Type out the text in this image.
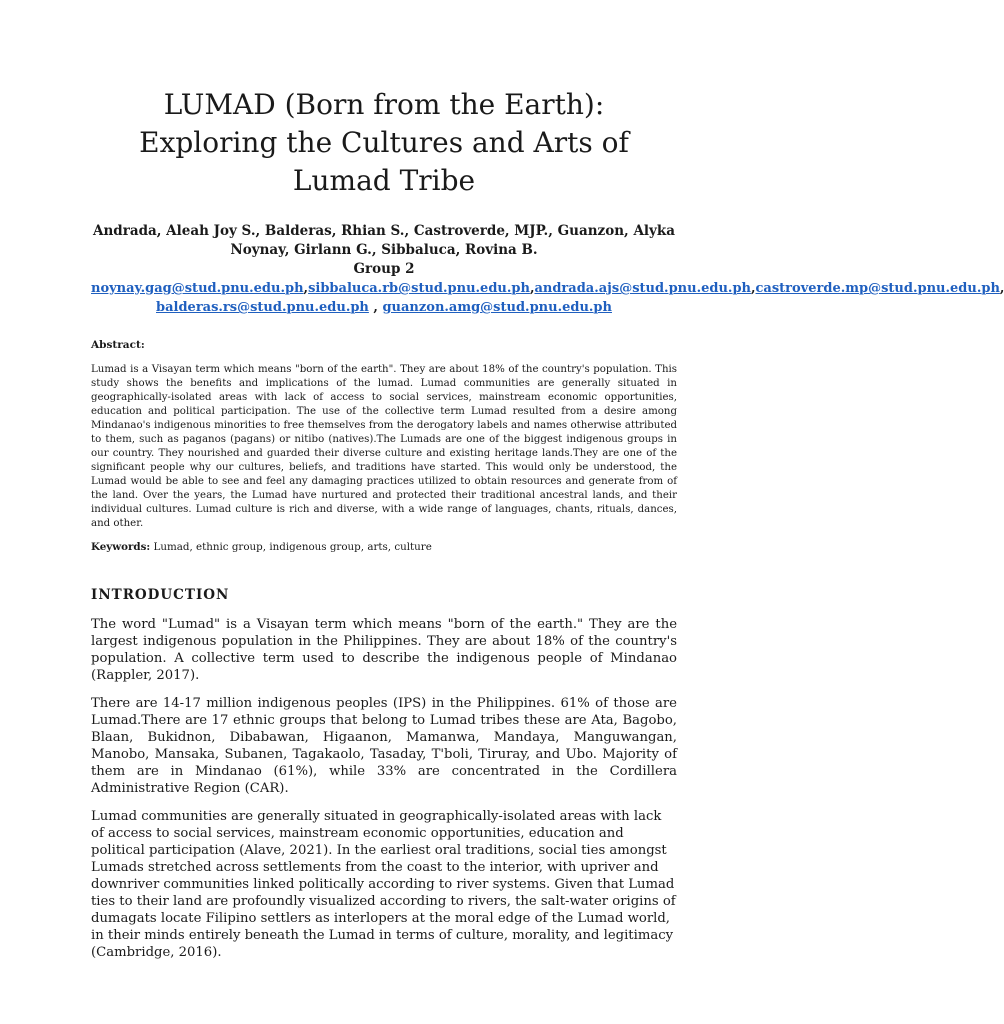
LUMAD (Born from the Earth): Exploring the Cultures and Arts of Lumad Tribe

Andrada, Aleah Joy S., Balderas, Rhian S., Castroverde, MJP., Guanzon, Alyka Noynay, Girlann G., Sibbaluca, Rovina B.

Group 2

noynay.gag@stud.pnu.edu.ph,sibbaluca.rb@stud.pnu.edu.ph,andrada.ajs@stud.pnu.edu.ph,castroverde.mp@stud.pnu.edu.ph, balderas.rs@stud.pnu.edu.ph , guanzon.amg@stud.pnu.edu.ph

Abstract:

Lumad is a Visayan term which means "born of the earth". They are about 18% of the country's population. This study shows the benefits and implications of the lumad. Lumad communities are generally situated in geographically-isolated areas with lack of access to social services, mainstream economic opportunities, education and political participation. The use of the collective term Lumad resulted from a desire among Mindanao's indigenous minorities to free themselves from the derogatory labels and names otherwise attributed to them, such as paganos (pagans) or nitibo (natives).The Lumads are one of the biggest indigenous groups in our country. They nourished and guarded their diverse culture and existing heritage lands.They are one of the significant people why our cultures, beliefs, and traditions have started. This would only be understood, the Lumad would be able to see and feel any damaging practices utilized to obtain resources and generate from of the land. Over the years, the Lumad have nurtured and protected their traditional ancestral lands, and their individual cultures. Lumad culture is rich and diverse, with a wide range of languages, chants, rituals, dances, and other.

Keywords: Lumad, ethnic group, indigenous group, arts, culture

INTRODUCTION

The word "Lumad" is a Visayan term which means "born of the earth." They are the largest indigenous population in the Philippines. They are about 18% of the country's population. A collective term used to describe the indigenous people of Mindanao (Rappler, 2017).

There are 14-17 million indigenous peoples (IPS) in the Philippines. 61% of those are Lumad.There are 17 ethnic groups that belong to Lumad tribes these are Ata, Bagobo, Blaan, Bukidnon, Dibabawan, Higaanon, Mamanwa, Mandaya, Manguwangan, Manobo, Mansaka, Subanen, Tagakaolo, Tasaday, T'boli, Tiruray, and Ubo. Majority of them are in Mindanao (61%), while 33% are concentrated in the Cordillera Administrative Region (CAR).

Lumad communities are generally situated in geographically-isolated areas with lack of access to social services, mainstream economic opportunities, education and political participation (Alave, 2021). In the earliest oral traditions, social ties amongst Lumads stretched across settlements from the coast to the interior, with upriver and downriver communities linked politically according to river systems. Given that Lumad ties to their land are profoundly visualized according to rivers, the salt-water origins of dumagats locate Filipino settlers as interlopers at the moral edge of the Lumad world, in their minds entirely beneath the Lumad in terms of culture, morality, and legitimacy (Cambridge, 2016).
